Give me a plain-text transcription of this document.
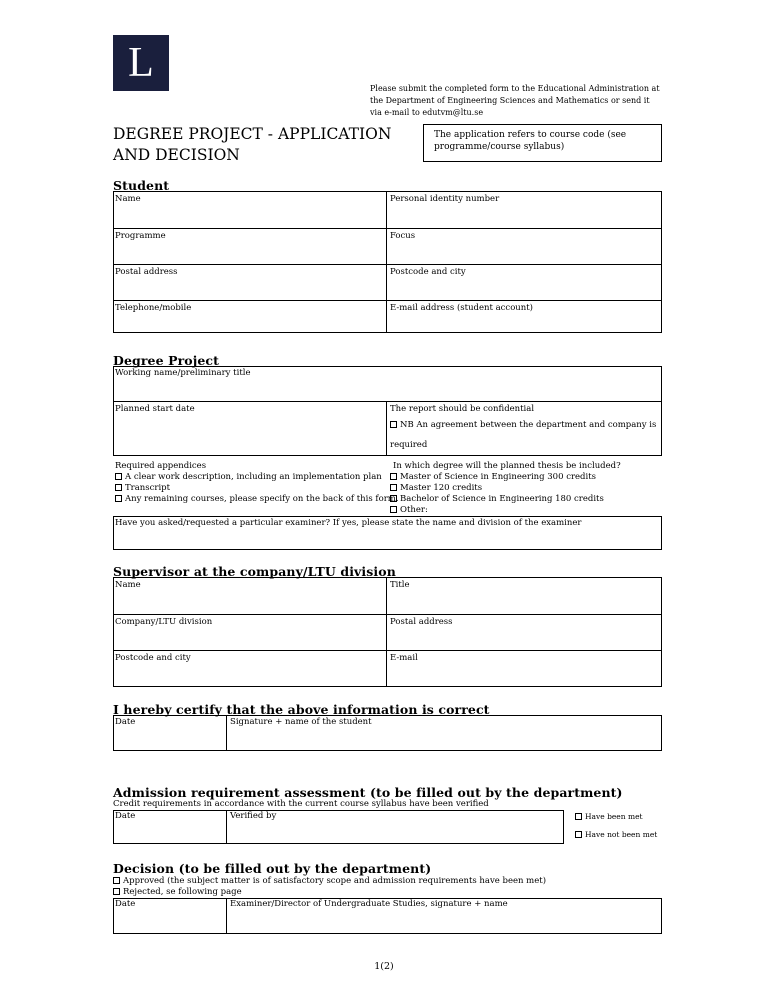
L
Please submit the completed form to the Educational Administration at the Department of Engineering Sciences and Mathematics or send it via e-mail to edutvm@ltu.se
DEGREE PROJECT - APPLICATION AND DECISION
The application refers to course code (see programme/course syllabus)
Student
Name	Personal identity number
Programme	Focus
Postal address	Postcode and city
Telephone/mobile	E-mail address (student account)
Degree Project
Working name/preliminary title
Planned start date	The report should be confidential
NB An agreement between the department and company is
required
Required appendices
A clear work description, including an implementation plan
Transcript
Any remaining courses, please specify on the back of this form.
In which degree will the planned thesis be included?
Master of Science in Engineering 300 credits
Master 120 credits
Bachelor of Science in Engineering 180 credits
Other:
Have you asked/requested a particular examiner? If yes, please state the name and division of the examiner
Supervisor at the company/LTU division
Name	Title
Company/LTU division	Postal address
Postcode and city	E-mail
I hereby certify that the above information is correct
Date	Signature + name of the student
Admission requirement assessment (to be filled out by the department)
Credit requirements in accordance with the current course syllabus have been verified
Date	Verified by	Have been met
Have not been met
Decision (to be filled out by the department)
Approved (the subject matter is of satisfactory scope and admission requirements have been met)
Rejected, se following page
Date	Examiner/Director of Undergraduate Studies, signature + name
1(2)
